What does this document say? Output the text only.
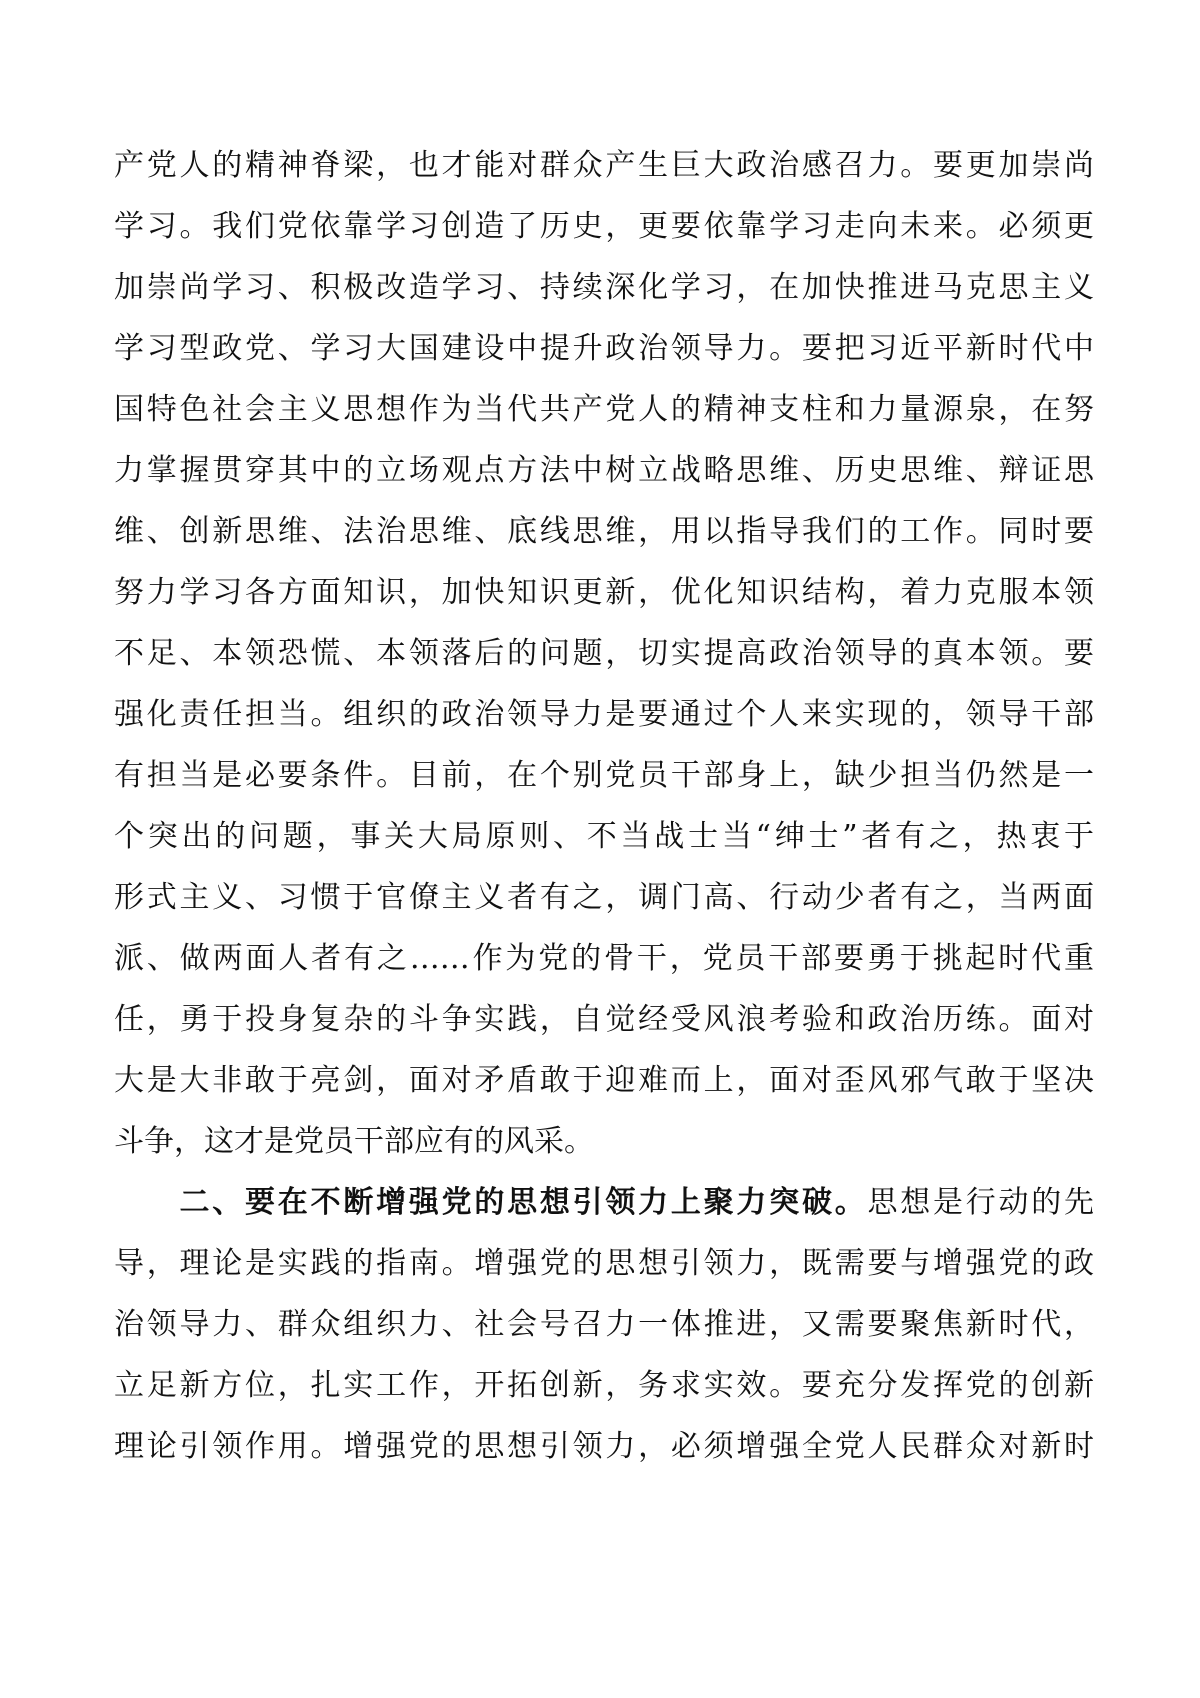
产党人的精神脊梁，也才能对群众产生巨大政治感召力。要更加崇尚
学习。我们党依靠学习创造了历史，更要依靠学习走向未来。必须更
加崇尚学习、积极改造学习、持续深化学习，在加快推进马克思主义
学习型政党、学习大国建设中提升政治领导力。要把习近平新时代中
国特色社会主义思想作为当代共产党人的精神支柱和力量源泉，在努
力掌握贯穿其中的立场观点方法中树立战略思维、历史思维、辩证思
维、创新思维、法治思维、底线思维，用以指导我们的工作。同时要
努力学习各方面知识，加快知识更新，优化知识结构，着力克服本领
不足、本领恐慌、本领落后的问题，切实提高政治领导的真本领。要
强化责任担当。组织的政治领导力是要通过个人来实现的，领导干部
有担当是必要条件。目前，在个别党员干部身上，缺少担当仍然是一
个突出的问题，事关大局原则、不当战士当“绅士”者有之，热衷于
形式主义、习惯于官僚主义者有之，调门高、行动少者有之，当两面
派、做两面人者有之……作为党的骨干，党员干部要勇于挑起时代重
任，勇于投身复杂的斗争实践，自觉经受风浪考验和政治历练。面对
大是大非敢于亮剑，面对矛盾敢于迎难而上，面对歪风邪气敢于坚决
斗争，这才是党员干部应有的风采。
　　二、要在不断增强党的思想引领力上聚力突破。思想是行动的先
导，理论是实践的指南。增强党的思想引领力，既需要与增强党的政
治领导力、群众组织力、社会号召力一体推进，又需要聚焦新时代，
立足新方位，扎实工作，开拓创新，务求实效。要充分发挥党的创新
理论引领作用。增强党的思想引领力，必须增强全党人民群众对新时
